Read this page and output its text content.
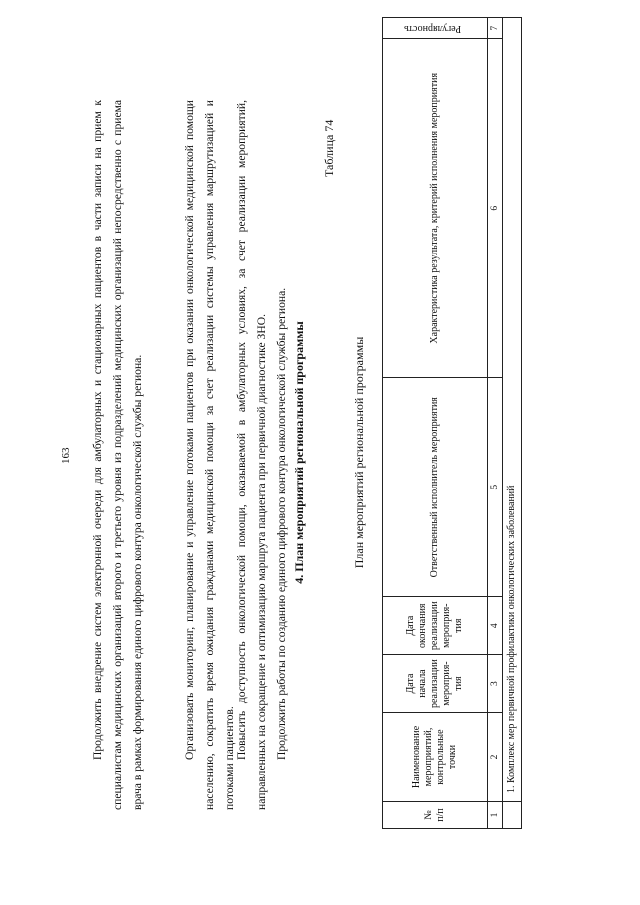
163 Продолжить внедрение систем электронной очереди для амбулаторных и стационарных пациентов в части записи на прием к специалистам медицинских организаций второго и третьего уровня из подразделений медицинских организаций непосредственно с приема врача в рамках формирования единого цифрового контура онкологической службы региона.	Организовать мониторинг, планирование и управление потоками пациентов при оказании онкологической медицинской помощи населению, сократить время ожидания гражданами медицинской помощи за счет реализации системы управления маршрутизацией и потоками пациентов. Повысить доступность онкологической помощи, оказываемой в амбулаторных условиях, за счет реализации мероприятий, направленных на сокращение и оптимизацию маршрута пациента при первичной диагностике ЗНО. Продолжить работы по созданию единого цифрового контура онкологической службы региона. 4. План мероприятий региональной программы
Таблица 74
План мероприятий региональной программы
№ п/п	Наименование мероприятий, контрольные точки	Дата начала реализации мероприя-тия	Дата окончания реализации мероприя-тия	Ответственный исполнитель мероприятия	Характеристика результата, критерий исполнения мероприятия	Регулярность
1	2	3	4	5	6	7
	1. Комплекс мер первичной профилактики онкологических заболеваний					
